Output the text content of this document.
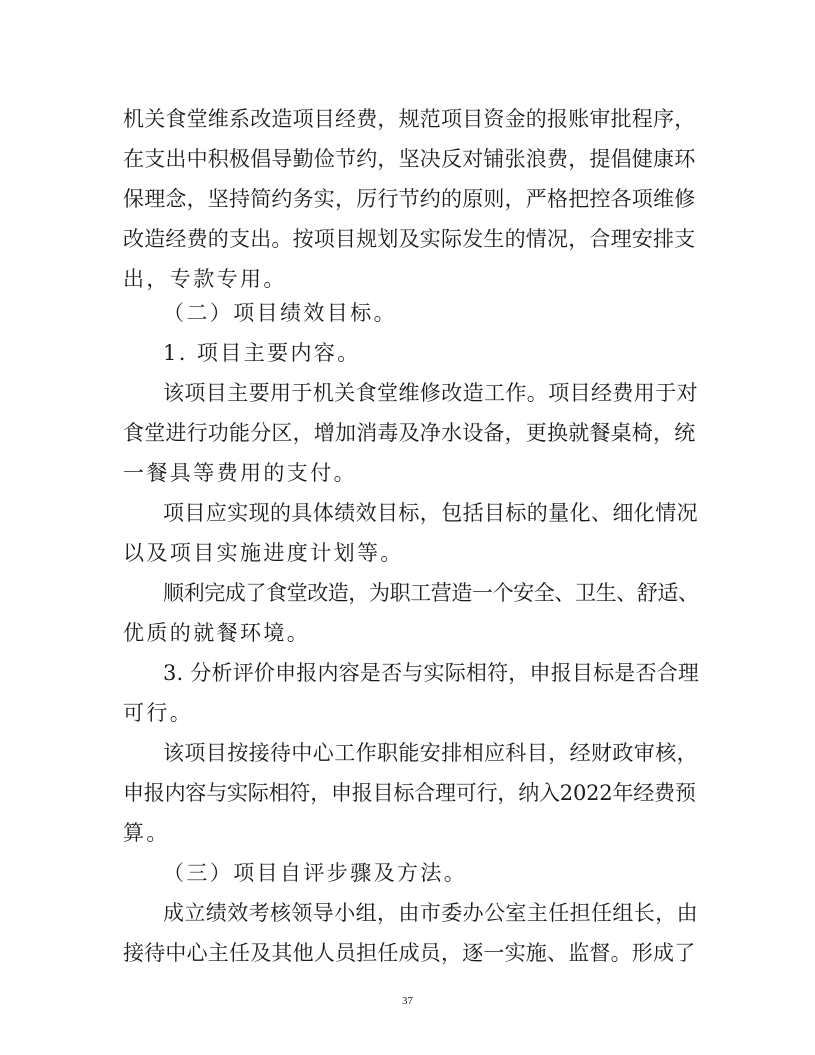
机关食堂维系改造项目经费，规范项目资金的报账审批程序，
在支出中积极倡导勤俭节约，坚决反对铺张浪费，提倡健康环
保理念，坚持简约务实，厉行节约的原则，严格把控各项维修
改造经费的支出。按项目规划及实际发生的情况，合理安排支
出，专款专用。
（二）项目绩效目标。
1. 项目主要内容。
该项目主要用于机关食堂维修改造工作。项目经费用于对
食堂进行功能分区，增加消毒及净水设备，更换就餐桌椅，统
一餐具等费用的支付。
项目应实现的具体绩效目标，包括目标的量化、细化情况
以及项目实施进度计划等。
顺利完成了食堂改造，为职工营造一个安全、卫生、舒适、
优质的就餐环境。
3. 分析评价申报内容是否与实际相符，申报目标是否合理
可行。
该项目按接待中心工作职能安排相应科目，经财政审核，
申报内容与实际相符，申报目标合理可行，纳入2022年经费预
算。
（三）项目自评步骤及方法。
成立绩效考核领导小组，由市委办公室主任担任组长，由
接待中心主任及其他人员担任成员，逐一实施、监督。形成了
37
